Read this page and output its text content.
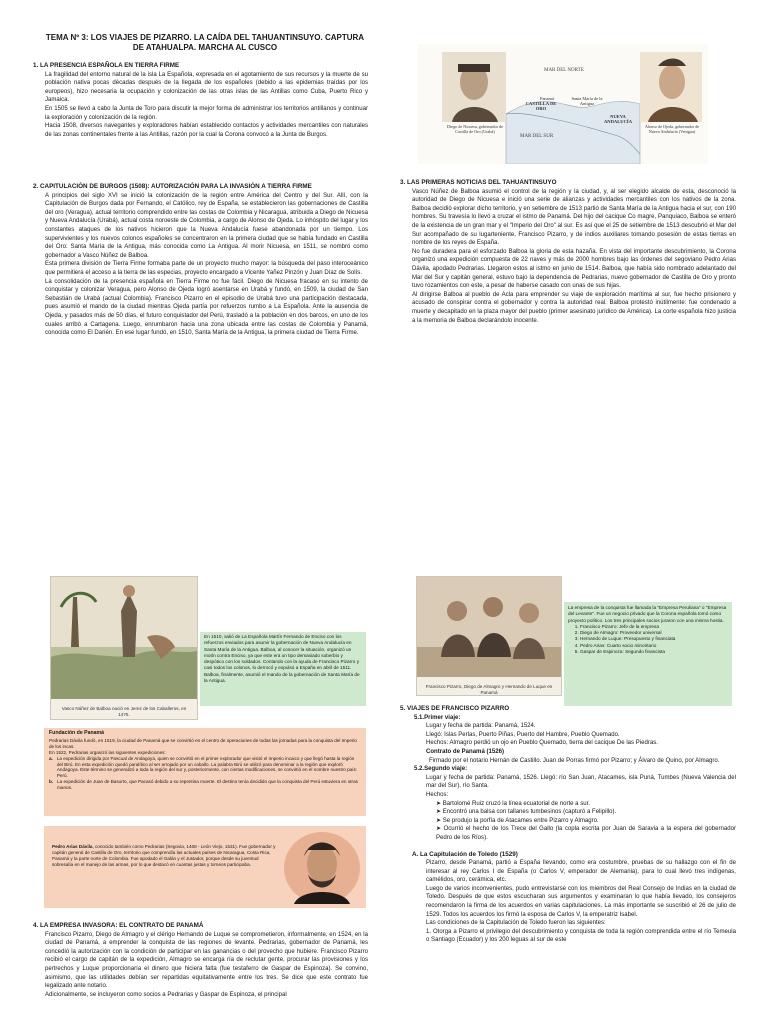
TEMA Nº 3: LOS VIAJES DE PIZARRO. LA CAÍDA DEL TAHUANTINSUYO. CAPTURA DE ATAHUALPA. MARCHA AL CUSCO

1. LA PRESENCIA ESPAÑOLA EN TIERRA FIRME

La fragilidad del entorno natural de la isla La Española, expresada en el agotamiento de sus recursos y la muerte de su población nativa pocas décadas después de la llegada de los españoles (debido a las epidemias traídas por los europeos), hizo necesaria la ocupación y colonización de las otras islas de las Antillas como Cuba, Puerto Rico y Jamaica.

En 1505 se llevó a cabo la Junta de Toro para discutir la mejor forma de administrar los territorios antillanos y continuar la exploración y colonización de la región.

Hacia 1508, diversos navegantes y exploradores habían establecido contactos y actividades mercantiles con naturales de las zonas continentales frente a las Antillas, razón por la cual la Corona convocó a la Junta de Burgos.

MAR DEL NORTE
MAR DEL SUR
CASTILLA DE ORO
NUEVA ANDALUCÍA
Panamá	Santa María de la Antigua
Diego de Nicuesa, gobernador de Castilla de Oro (Urabá)
Alonso de Ojeda, gobernador de Nueva Andalucía (Veragua)

2. CAPITULACIÓN DE BURGOS (1508): AUTORIZACIÓN PARA LA INVASIÓN A TIERRA FIRME

A principios del siglo XVI se inició la colonización de la región entre América del Centro y del Sur. Allí, con la Capitulación de Burgos dada por Fernando, el Católico, rey de España, se establecieron las gobernaciones de Castilla del oro (Veragua), actual territorio comprendido entre las costas de Colombia y Nicaragua, atribuida a Diego de Nicuesa y Nueva Andalucía (Urabá), actual costa noroeste de Colombia, a cargo de Alonso de Ojeda. Lo inhóspito del lugar y los constantes ataques de los nativos hicieron que la Nueva Andalucía fuese abandonada por un tiempo. Los supervivientes y los nuevos colonos españoles se concentraron en la primera ciudad que se había fundado en Castilla del Oro: Santa María de la Antigua, más conocida como La Antigua. Al morir Nicuesa, en 1511, se nombró como gobernador a Vasco Núñez de Balboa.

Esta primera división de Tierra Firme formaba parte de un proyecto mucho mayor: la búsqueda del paso interoceánico que permitiera el acceso a la tierra de las especias, proyecto encargado a Vicente Yañez Pinzón y Juan Díaz de Solís.

La consolidación de la presencia española en Tierra Firme no fue fácil. Diego de Nicuesa fracasó en su intento de conquistar y colonizar Veragua, pero Alonso de Ojeda logró asentarse en Urabá y fundó, en 1509, la ciudad de San Sebastián de Urabá (actual Colombia). Francisco Pizarro en el episodio de Urabá tuvo una participación destacada, pues asumió el mando de la ciudad mientras Ojeda partía por refuerzos rumbo a La Española. Ante la ausencia de Ojeda, y pasados más de 50 días, el futuro conquistador del Perú, trasladó a la población en dos barcos, en uno de los cuales arribó a Cartagena. Luego, enrumbaron hacia una zona ubicada entre las costas de Colombia y Panamá, conocida como El Darién. En ese lugar fundó, en 1510, Santa María de la Antigua, la primera ciudad de Tierra Firme.

3. LAS PRIMERAS NOTICIAS DEL TAHUANTINSUYO

Vasco Núñez de Balboa asumió el control de la región y la ciudad, y, al ser elegido alcalde de esta, desconoció la autoridad de Diego de Nicuesa e inició una serie de alianzas y actividades mercantiles con los nativos de la zona. Balboa decidió explorar dicho territorio, y en setiembre de 1513 partió de Santa María de la Antigua hacia el sur, con 190 hombres. Su travesía lo llevó a cruzar el istmo de Panamá. Del hijo del cacique Co magre, Panquiaco, Balboa se enteró de la existencia de un gran mar y el "Imperio del Oro" al sur. Es así que el 25 de setiembre de 1513 descubrió el Mar del Sur acompañado de su lugarteniente, Francisco Pizarro, y de indios auxiliares tomando posesión de estas tierras en nombre de los reyes de España.

No fue duradera para el esforzado Balboa la gloria de esta hazaña. En vista del importante descubrimiento, la Corona organizó una expedición compuesta de 22 naves y más de 2000 hombres bajo las órdenes del segoviano Pedro Arias Dávila, apodado Pedrarias. Llegaron estos al istmo en junio de 1514. Balboa, que había sido nombrado adelantado del Mar del Sur y capitán general, estuvo bajo la dependencia de Pedrarias, nuevo gobernador de Castilla de Oro y pronto tuvo rozamientos con este, a pesar de haberse casado con unas de sus hijas.

Al dirigirse Balboa al pueblo de Acla para emprender su viaje de exploración marítima al sur, fue hecho prisionero y acusado de conspirar contra el gobernador y contra la autoridad real. Balboa protestó inútilmente: fue condenado a muerte y decapitado en la plaza mayor del pueblo (primer asesinato jurídico de América). La corte española hizo justicia a la memoria de Balboa declarándolo inocente.

Vasco Núñez de Balboa nació en Jerez de los Caballeros, en 1475.
En 1510, salió de La Española Martín Fernando de Enciso con los refuerzos enviados para asumir la gobernación de Nueva Andalucía en Santa María de la Antigua. Balboa, al conocer la situación, organizó un motín contra Enciso, ya que este era un tipo demasiado soberbio y despótico con los soldados. Contando con la ayuda de Francisco Pizarro y casi todos los colonos, lo derrocó y expulsó a España en abril de 1511. Balboa, finalmente, asumió el mando de la gobernación de Santa María de la Antigua.
Fundación de Panamá
Pedrarias Dávila fundó, en 1519, la ciudad de Panamá que se convirtió en el centro de operaciones de todas las jornadas para la conquista del Imperio de los incas.
En 1522, Pedrarias organizó las siguientes expediciones:
a. La expedición dirigida por Pascual de Andagoya, quien se convirtió en el primer explorador que visitó el Imperio incaico y que llegó hasta la región del Birú. En esta expedición quedó paralítico al ser arrojado por un caballo. La palabra Birú se utilizó para denominar a la región que exploró Andagoya. Este término se generalizó a toda la región del sur y, posteriormente, con ciertas modificaciones, se convirtió en el nombre nuestro país: Perú.
b. La expedición de Juan de Basurto, que Pacasó debido a su repentina muerte. El destino tenía decidido que la conquista del Perú estuviera en otras manos.
Pedro Arias Dávila, conocido también como Pedrarias (Segovia, 1468 - León Viejo, 1531). Fue gobernador y capitán general de Castilla de Oro, territorio que comprendía las actuales países de Nicaragua, Costa Rica, Panamá y la parte norte de Colombia. Fue apodado el Galán y el Justador, porque desde su juventud sobresalía en el manejo de las armas, por lo que destacó en cuantas justas y torneos participaba.

4. LA EMPRESA INVASORA: EL CONTRATO DE PANAMÁ

Francisco Pizarro, Diego de Almagro y el clérigo Hernando de Luque se comprometieron, informalmente, en 1524, en la ciudad de Panamá, a emprender la conquista de las regiones de levante. Pedrarias, gobernador de Panamá, les concedió la autorización con la condición de participar en las ganancias o del provecho que hubiere. Francisco Pizarro recibió el cargo de capitán de la expedición, Almagro se encarga ría de reclutar gente, procurar las provisiones y los pertrechos y Luque proporcionaría el dinero que hiciera falta (fue testaferro de Gaspar de Espinoza). Se convino, asimismo, que las utilidades debían ser repartidas equitativamente entre los tres. Se dice que este contrato fue legalizado ante notario.

Adicionalmente, se incluyeron como socios a Pedrarias y Gaspar de Espinoza, el principal

Francisco Pizarro, Diego de Almagro y Hernando de Luque en Panamá
La empresa de la conquista fue llamada la "Empresa Peruliana" o "Empresa del Levante". Fue un negocio privado que la Corona española tomó como proyecto político. Los tres principales socios juraron con una misma hostia.
1. Francisco Pizarro: Jefe de la empresa
2. Diego de Almagro: Proveedor universal
3. Hernando de Luque: Presupuesto y financiata
4. Pedro Arias: Cuarto socio minoritario
5. Gaspar de Espinoza: Segundo financista

5. VIAJES DE FRANCISCO PIZARRO

5.1.Primer viaje:

Lugar y fecha de partida: Panamá, 1524.

Llegó: Islas Perlas, Puerto Piñas, Puerto del Hambre, Pueblo Quemado.

Hechos: Almagro perdió un ojo en Pueblo Quemado, tierra del cacique De las Piedras.

Contrato de Panamá (1526)

Firmado por el notario Hernán de Castillo. Juan de Porras firmó por Pizarro; y Álvaro de Quino, por Almagro.

5.2.Segundo viaje:

Lugar y fecha de partida: Panamá, 1526. Llegó: río San Juan, Atacames, isla Puná, Tumbes (Nueva Valencia del mar del Sur), río Santa.

Hechos:

➤ Bartolomé Ruiz cruzó la línea ecuatorial de norte a sur.
➤ Encontró una balsa con tallanes tumbesinos (capturó a Felipillo).
➤ Se produjo la porfía de Atacames entre Pizarro y Almagro.
➤ Ocurrió el hecho de los Trece del Gallo (la copla escrita por Juan de Saravia a la espera del gobernador Pedro de los Ríos).

A. La Capitulación de Toledo (1529)

Pizarro, desde Panamá, partió a España llevando, como era costumbre, pruebas de su hallazgo con el fin de interesar al rey Carlos I de España (o Carlos V, emperador de Alemania), para lo cual llevó tres indígenas, camélidos, oro, cerámica, etc.

Luego de varios inconvenientes, pudo entrevistarse con los miembros del Real Consejo de Indias en la ciudad de Toledo. Después de que estos escucharan sus argumentos y examinaran lo que había llevado, los consejeros recomendaron la firma de los acuerdos en varias capitulaciones. La más importante se suscribió el 26 de julio de 1529. Todos los acuerdos los firmó la esposa de Carlos V, la emperatriz Isabel.

Las condiciones de la Capitulación de Toledo fueron las siguientes:

1. Otorga a Pizarro el privilegio del descubrimiento y conquista de toda la región comprendida entre el río Temeula o Santiago (Ecuador) y los 200 leguas al sur de este
